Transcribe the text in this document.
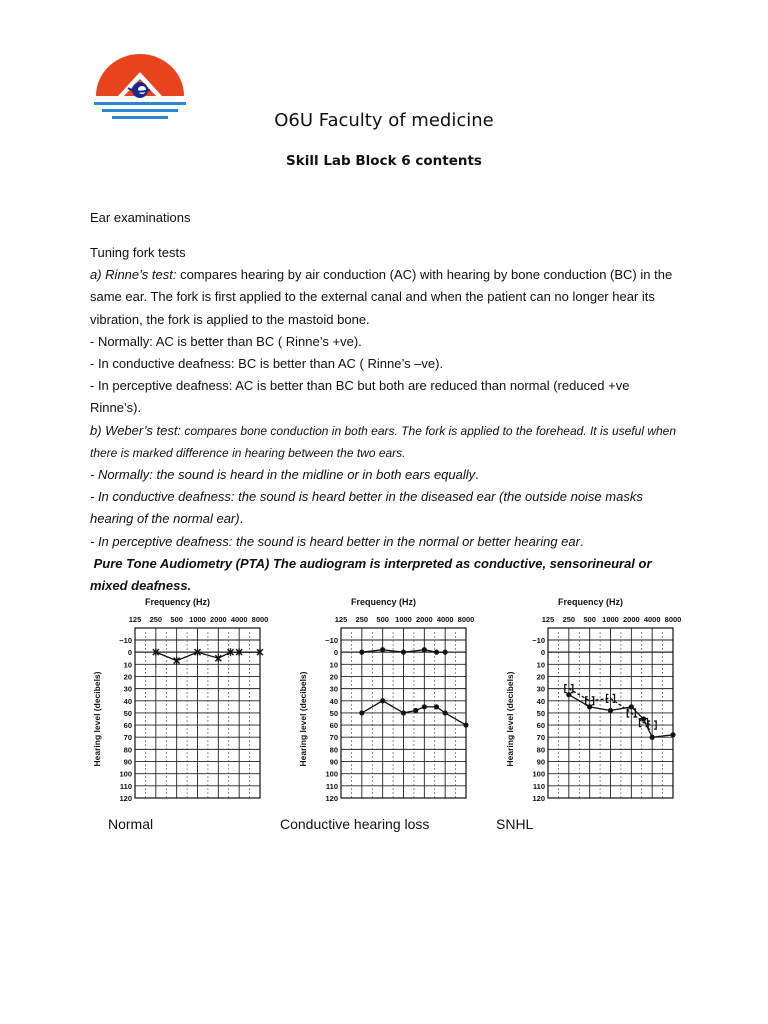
O6U Faculty of medicine
Skill Lab Block 6 contents
Ear examinations

Tuning fork tests

a) Rinne’s test: compares hearing by air conduction (AC) with hearing by bone conduction (BC) in the same ear. The fork is first applied to the external canal and when the patient can no longer hear its vibration, the fork is applied to the mastoid bone.

- Normally: AC is better than BC ( Rinne’s +ve).

- In conductive deafness: BC is better than AC ( Rinne’s –ve).

- In perceptive deafness: AC is better than BC but both are reduced than normal (reduced +ve Rinne’s).

b) Weber’s test: compares bone conduction in both ears. The fork is applied to the forehead. It is useful when there is marked difference in hearing between the two ears.

- Normally: the sound is heard in the midline or in both ears equally.

- In conductive deafness: the sound is heard better in the diseased ear (the outside noise masks hearing of the normal ear).

- In perceptive deafness: the sound is heard better in the normal or better hearing ear.

Pure Tone Audiometry (PTA) The audiogram is interpreted as conductive, sensorineural or mixed deafness.

Frequency (Hz)
Hearing level (decibels)
−10
0
10
20
30
40
50
60
70
80
90
100
110
120
125 250 500 1000 2000 4000 8000
Frequency (Hz)
Hearing level (decibels)
−10
0
10
20
30
40
50
60
70
80
90
100
110
120
125 250 500 1000 2000 4000 8000
Frequency (Hz)
Hearing level (decibels)
−10
0
10
20
30
40
50
60
70
80
90
100
110
120
125 250 500 1000 2000 4000 8000
Normal	Conductive hearing loss	SNHL
